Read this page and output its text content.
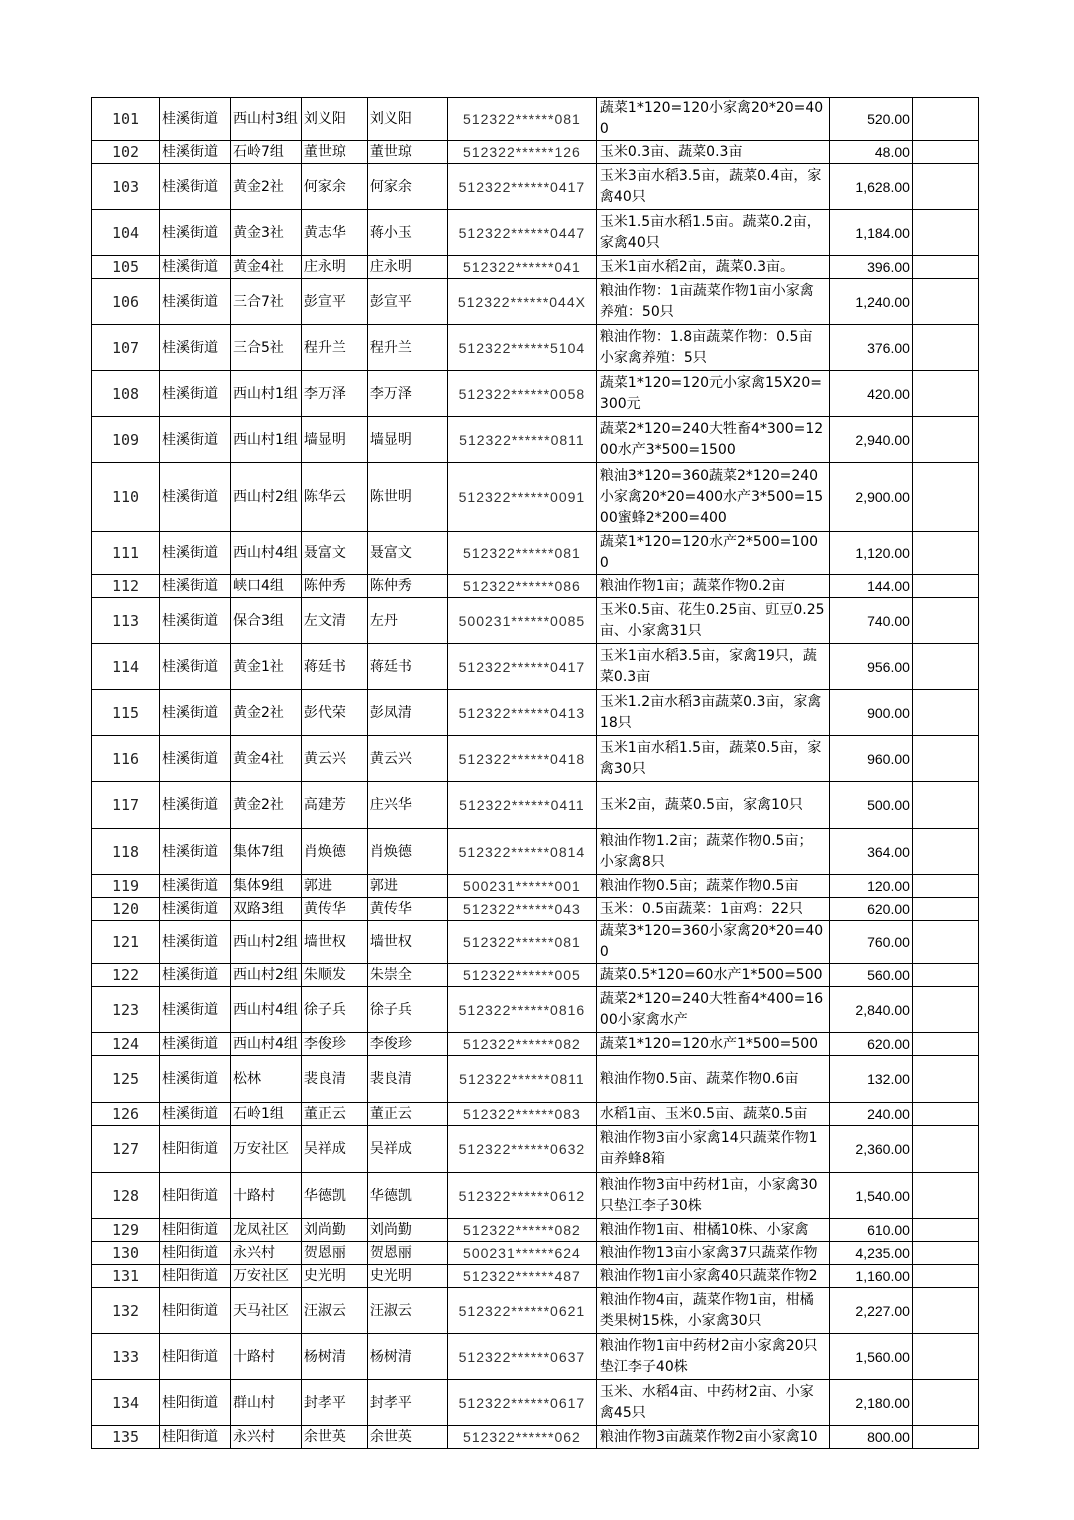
101	桂溪街道	西山村3组	刘义阳	刘义阳	512322******081	蔬菜1*120=120小家禽20*20=400	520.00	
102	桂溪街道	石岭7组	董世琼	董世琼	512322******126	玉米0.3亩、蔬菜0.3亩	48.00	
103	桂溪街道	黄金2社	何家余	何家余	512322******0417	玉米3亩水稻3.5亩，蔬菜0.4亩，家禽40只	1,628.00	
104	桂溪街道	黄金3社	黄志华	蒋小玉	512322******0447	玉米1.5亩水稻1.5亩。蔬菜0.2亩，家禽40只	1,184.00	
105	桂溪街道	黄金4社	庄永明	庄永明	512322******041	玉米1亩水稻2亩，蔬菜0.3亩。	396.00	
106	桂溪街道	三合7社	彭宣平	彭宣平	512322******044X	粮油作物：1亩蔬菜作物1亩小家禽养殖：50只	1,240.00	
107	桂溪街道	三合5社	程升兰	程升兰	512322******5104	粮油作物：1.8亩蔬菜作物：0.5亩小家禽养殖：5只	376.00	
108	桂溪街道	西山村1组	李万泽	李万泽	512322******0058	蔬菜1*120=120元小家禽15X20=300元	420.00	
109	桂溪街道	西山村1组	墙显明	墙显明	512322******0811	蔬菜2*120=240大牲畜4*300=1200水产3*500=1500	2,940.00	
110	桂溪街道	西山村2组	陈华云	陈世明	512322******0091	粮油3*120=360蔬菜2*120=240小家禽20*20=400水产3*500=1500蜜蜂2*200=400	2,900.00	
111	桂溪街道	西山村4组	聂富文	聂富文	512322******081	蔬菜1*120=120水产2*500=1000	1,120.00	
112	桂溪街道	峡口4组	陈仲秀	陈仲秀	512322******086	粮油作物1亩；蔬菜作物0.2亩	144.00	
113	桂溪街道	保合3组	左文清	左丹	500231******0085	玉米0.5亩、花生0.25亩、豇豆0.25亩、小家禽31只	740.00	
114	桂溪街道	黄金1社	蒋廷书	蒋廷书	512322******0417	玉米1亩水稻3.5亩，家禽19只，蔬菜0.3亩	956.00	
115	桂溪街道	黄金2社	彭代荣	彭凤清	512322******0413	玉米1.2亩水稻3亩蔬菜0.3亩，家禽18只	900.00	
116	桂溪街道	黄金4社	黄云兴	黄云兴	512322******0418	玉米1亩水稻1.5亩，蔬菜0.5亩，家禽30只	960.00	
117	桂溪街道	黄金2社	高建芳	庄兴华	512322******0411	玉米2亩，蔬菜0.5亩，家禽10只	500.00	
118	桂溪街道	集体7组	肖焕德	肖焕德	512322******0814	粮油作物1.2亩；蔬菜作物0.5亩；小家禽8只	364.00	
119	桂溪街道	集体9组	郭进	郭进	500231******001	粮油作物0.5亩；蔬菜作物0.5亩	120.00	
120	桂溪街道	双路3组	黄传华	黄传华	512322******043	玉米：0.5亩蔬菜：1亩鸡：22只	620.00	
121	桂溪街道	西山村2组	墙世权	墙世权	512322******081	蔬菜3*120=360小家禽20*20=400	760.00	
122	桂溪街道	西山村2组	朱顺发	朱崇全	512322******005	蔬菜0.5*120=60水产1*500=500	560.00	
123	桂溪街道	西山村4组	徐子兵	徐子兵	512322******0816	蔬菜2*120=240大牲畜4*400=1600小家禽水产	2,840.00	
124	桂溪街道	西山村4组	李俊珍	李俊珍	512322******082	蔬菜1*120=120水产1*500=500	620.00	
125	桂溪街道	松林	裴良清	裴良清	512322******0811	粮油作物0.5亩、蔬菜作物0.6亩	132.00	
126	桂溪街道	石岭1组	董正云	董正云	512322******083	水稻1亩、玉米0.5亩、蔬菜0.5亩	240.00	
127	桂阳街道	万安社区	吴祥成	吴祥成	512322******0632	粮油作物3亩小家禽14只蔬菜作物1亩养蜂8箱	2,360.00	
128	桂阳街道	十路村	华德凯	华德凯	512322******0612	粮油作物3亩中药材1亩，小家禽30只垫江李子30株	1,540.00	
129	桂阳街道	龙凤社区	刘尚勤	刘尚勤	512322******082	粮油作物1亩、柑橘10株、小家禽	610.00	
130	桂阳街道	永兴村	贺恩丽	贺恩丽	500231******624	粮油作物13亩小家禽37只蔬菜作物	4,235.00	
131	桂阳街道	万安社区	史光明	史光明	512322******487	粮油作物1亩小家禽40只蔬菜作物2	1,160.00	
132	桂阳街道	天马社区	汪淑云	汪淑云	512322******0621	粮油作物4亩，蔬菜作物1亩，柑橘类果树15株，小家禽30只	2,227.00	
133	桂阳街道	十路村	杨树清	杨树清	512322******0637	粮油作物1亩中药材2亩小家禽20只垫江李子40株	1,560.00	
134	桂阳街道	群山村	封孝平	封孝平	512322******0617	玉米、水稻4亩、中药材2亩、小家禽45只	2,180.00	
135	桂阳街道	永兴村	余世英	余世英	512322******062	粮油作物3亩蔬菜作物2亩小家禽10	800.00	
